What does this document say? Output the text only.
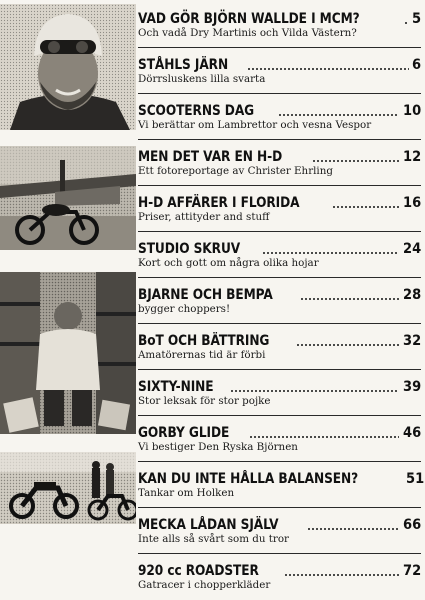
VAD GÖR BJÖRN WALLDE I MCM?	5
Och vadå Dry Martinis och Vilda Västern?
STÅHLS JÄRN	6
Dörrsluskens lilla svarta
SCOOTERNS DAG	10
Vi berättar om Lambrettor och vesna Vespor
MEN DET VAR EN H-D	12
Ett fotoreportage av Christer Ehrling
H-D AFFÄRER I FLORIDA	16
Priser, attityder and stuff
STUDIO SKRUV	24
Kort och gott om några olika hojar
BJARNE OCH BEMPA	28
bygger choppers!
BoT OCH BÄTTRING	32
Amatörernas tid är förbi
SIXTY-NINE	39
Stor leksak för stor pojke
GORBY GLIDE	46
Vi bestiger Den Ryska Björnen
KAN DU INTE HÅLLA BALANSEN?	51
Tankar om Holken
MECKA LÅDAN SJÄLV	66
Inte alls så svårt som du tror
920 cc ROADSTER	72
Gatracer i chopperkläder
